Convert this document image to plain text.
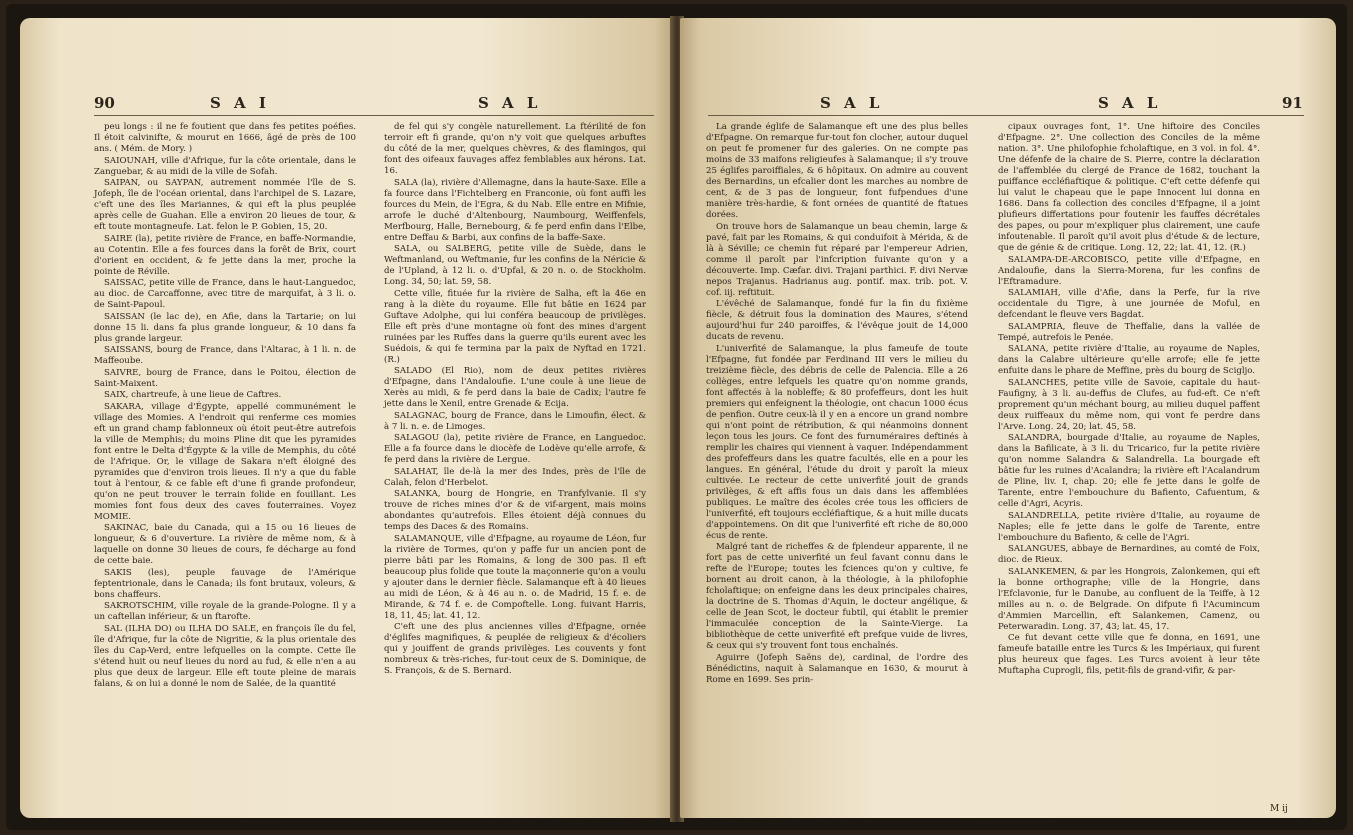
90	S A I	S A L

peu longs : il ne fe foutient que dans fes petites poéfies. Il étoit calvinifte, & mourut en 1666, âgé de près de 100 ans. ( Mém. de Mory. )

SAIOUNAH, ville d'Afrique, fur la côte orientale, dans le Zanguebar, & au midi de la ville de Sofah.

SAIPAN, ou SAYPAN, autrement nommée l'île de S. Jofeph, île de l'océan oriental, dans l'archipel de S. Lazare, c'eft une des îles Mariannes, & qui eft la plus peuplée après celle de Guahan. Elle a environ 20 lieues de tour, & eft toute montagneufe. Lat. felon le P. Gobien, 15, 20.

SAIRE (la), petite rivière de France, en baffe-Normandie, au Cotentin. Elle a fes fources dans la forêt de Brix, court d'orient en occident, & fe jette dans la mer, proche la pointe de Réville.

SAISSAC, petite ville de France, dans le haut-Languedoc, au dioc. de Carcaffonne, avec titre de marquifat, à 3 li. o. de Saint-Papoul.

SAISSAN (le lac de), en Afie, dans la Tartarie; on lui donne 15 li. dans fa plus grande longueur, & 10 dans fa plus grande largeur.

SAISSANS, bourg de France, dans l'Altarac, à 1 li. n. de Maffeoube.

SAIVRE, bourg de France, dans le Poitou, élection de Saint-Maixent.

SAIX, chartreufe, à une lieue de Caftres.

SAKARA, village d'Égypte, appellé communément le village des Momies. A l'endroit qui renferme ces momies eft un grand champ fablonneux où étoit peut-être autrefois la ville de Memphis; du moins Pline dit que les pyramides font entre le Delta d'Égypte & la ville de Memphis, du côté de l'Afrique. Or, le village de Sakara n'eft éloigné des pyramides que d'environ trois lieues. Il n'y a que du fable tout à l'entour, & ce fable eft d'une fi grande profondeur, qu'on ne peut trouver le terrain folide en fouillant. Les momies font fous deux des caves fouterraines. Voyez MOMIE.

SAKINAC, baie du Canada, qui a 15 ou 16 lieues de longueur, & 6 d'ouverture. La rivière de même nom, & à laquelle on donne 30 lieues de cours, fe décharge au fond de cette baie.

SAKIS (les), peuple fauvage de l'Amérique feptentrionale, dans le Canada; ils font brutaux, voleurs, & bons chaffeurs.

SAKROTSCHIM, ville royale de la grande-Pologne. Il y a un caftellan inférieur, & un ftarofte.

SAL (ILHA DO) ou ILHA DO SALE, en françois île du fel, île d'Afrique, fur la côte de Nigritie, & la plus orientale des îles du Cap-Verd, entre lefquelles on la compte. Cette île s'étend huit ou neuf lieues du nord au fud, & elle n'en a au plus que deux de largeur. Elle eft toute pleine de marais falans, & on lui a donné le nom de Salée, de la quantité

de fel qui s'y congèle naturellement. La ftérilité de fon terroir eft fi grande, qu'on n'y voit que quelques arbuftes du côté de la mer, quelques chèvres, & des flamingos, qui font des oifeaux fauvages affez femblables aux hérons. Lat. 16.

SALA (la), rivière d'Allemagne, dans la haute-Saxe. Elle a fa fource dans l'Fichtelberg en Franconie, où font auffi les fources du Mein, de l'Egra, & du Nab. Elle entre en Mifnie, arrofe le duché d'Altenbourg, Naumbourg, Weiffenfels, Merfbourg, Halle, Bernebourg, & fe perd enfin dans l'Elbe, entre Deffau & Barbi, aux confins de la baffe-Saxe.

SALA, ou SALBERG, petite ville de Suède, dans le Weftmanland, ou Weftmanie, fur les confins de la Néricie & de l'Upland, à 12 li. o. d'Upfal, & 20 n. o. de Stockholm. Long. 34, 50; lat. 59, 58.

Cette ville, fituée fur la rivière de Salha, eft la 46e en rang à la diète du royaume. Elle fut bâtie en 1624 par Guftave Adolphe, qui lui conféra beaucoup de privilèges. Elle eft près d'une montagne où font des mines d'argent ruinées par les Ruffes dans la guerre qu'ils eurent avec les Suédois, & qui fe termina par la paix de Nyftad en 1721. (R.)

SALADO (El Rio), nom de deux petites rivières d'Efpagne, dans l'Andaloufie. L'une coule à une lieue de Xerès au midi, & fe perd dans la baie de Cadix; l'autre fe jette dans le Xenil, entre Grenade & Ecija.

SALAGNAC, bourg de France, dans le Limoufin, élect. & à 7 li. n. e. de Limoges.

SALAGOU (la), petite rivière de France, en Languedoc. Elle a fa fource dans le diocèfe de Lodève qu'elle arrofe, & fe perd dans la rivière de Lergue.

SALAHAT, île de-là la mer des Indes, près de l'île de Calah, felon d'Herbelot.

SALANKA, bourg de Hongrie, en Tranfylvanie. Il s'y trouve de riches mines d'or & de vif-argent, mais moins abondantes qu'autrefois. Elles étoient déjà connues du temps des Daces & des Romains.

SALAMANQUE, ville d'Efpagne, au royaume de Léon, fur la rivière de Tormes, qu'on y paffe fur un ancien pont de pierre bâti par les Romains, & long de 300 pas. Il eft beaucoup plus folide que toute la maçonnerie qu'on a voulu y ajouter dans le dernier fiècle. Salamanque eft à 40 lieues au midi de Léon, & à 46 au n. o. de Madrid, 15 f. e. de Mirande, & 74 f. e. de Compoftelle. Long. fuivant Harris, 18, 11, 45; lat. 41, 12.

C'eft une des plus anciennes villes d'Efpagne, ornée d'églifes magnifiques, & peuplée de religieux & d'écoliers qui y jouiffent de grands privilèges. Les couvents y font nombreux & très-riches, fur-tout ceux de S. Dominique, de S. François, & de S. Bernard.

S A L	S A L	91

La grande églife de Salamanque eft une des plus belles d'Efpagne. On remarque fur-tout fon clocher, autour duquel on peut fe promener fur des galeries. On ne compte pas moins de 33 maifons religieufes à Salamanque; il s'y trouve 25 églifes paroiffiales, & 6 hôpitaux. On admire au couvent des Bernardins, un efcalier dont les marches au nombre de cent, & de 3 pas de longueur, font fufpendues d'une manière très-hardie, & font ornées de quantité de ftatues dorées.

On trouve hors de Salamanque un beau chemin, large & pavé, fait par les Romains, & qui conduifoit à Mérida, & de là à Séville; ce chemin fut réparé par l'empereur Adrien, comme il paroît par l'infcription fuivante qu'on y a découverte. Imp. Cæfar. divi. Trajani parthici. F. divi Nervæ nepos Trajanus. Hadrianus aug. pontif. max. trib. pot. V. cof. iij. reftituit.

L'évêché de Salamanque, fondé fur la fin du fixième fiècle, & détruit fous la domination des Maures, s'étend aujourd'hui fur 240 paroiffes, & l'évêque jouit de 14,000 ducats de revenu.

L'univerfité de Salamanque, la plus fameufe de toute l'Efpagne, fut fondée par Ferdinand III vers le milieu du treizième fiècle, des débris de celle de Palencia. Elle a 26 collèges, entre lefquels les quatre qu'on nomme grands, font affectés à la nobleffe; & 80 profeffeurs, dont les huit premiers qui enfeignent la théologie, ont chacun 1000 écus de penfion. Outre ceux-là il y en a encore un grand nombre qui n'ont point de rétribution, & qui néanmoins donnent leçon tous les jours. Ce font des furnuméraires deftinés à remplir les chaires qui viennent à vaquer. Indépendamment des profeffeurs dans les quatre facultés, elle en a pour les langues. En général, l'étude du droit y paroît la mieux cultivée. Le recteur de cette univerfité jouit de grands privilèges, & eft affis fous un dais dans les affemblées publiques. Le maître des écoles crée tous les officiers de l'univerfité, eft toujours eccléfiaftique, & a huit mille ducats d'appointemens. On dit que l'univerfité eft riche de 80,000 écus de rente.

Malgré tant de richeffes & de fplendeur apparente, il ne fort pas de cette univerfité un feul favant connu dans le refte de l'Europe; toutes les fciences qu'on y cultive, fe bornent au droit canon, à la théologie, à la philofophie fcholaftique; on enfeigne dans les deux principales chaires, la doctrine de S. Thomas d'Aquin, le docteur angélique, & celle de Jean Scot, le docteur fubtil, qui établit le premier l'immaculée conception de la Sainte-Vierge. La bibliothèque de cette univerfité eft prefque vuide de livres, & ceux qui s'y trouvent font tous enchaînés.

Aguirre (Jofeph Saëns de), cardinal, de l'ordre des Bénédictins, naquit à Salamanque en 1630, & mourut à Rome en 1699. Ses prin-

cipaux ouvrages font, 1°. Une hiftoire des Conciles d'Efpagne. 2°. Une collection des Conciles de la même nation. 3°. Une philofophie fcholaftique, en 3 vol. in fol. 4°. Une défenfe de la chaire de S. Pierre, contre la déclaration de l'affemblée du clergé de France de 1682, touchant la puiffance eccléfiaftique & politique. C'eft cette défenfe qui lui valut le chapeau que le pape Innocent lui donna en 1686. Dans fa collection des conciles d'Efpagne, il a joint plufieurs differtations pour foutenir les fauffes décrétales des papes, ou pour m'expliquer plus clairement, une caufe infoutenable. Il paroît qu'il avoit plus d'étude & de lecture, que de génie & de critique. Long. 12, 22; lat. 41, 12. (R.)

SALAMPA-DE-ARCOBISCO, petite ville d'Efpagne, en Andaloufie, dans la Sierra-Morena, fur les confins de l'Eftramadure.

SALAMIAH, ville d'Afie, dans la Perfe, fur la rive occidentale du Tigre, à une journée de Moful, en defcendant le fleuve vers Bagdat.

SALAMPRIA, fleuve de Theffalie, dans la vallée de Tempé, autrefois le Penée.

SALANA, petite rivière d'Italie, au royaume de Naples, dans la Calabre ultérieure qu'elle arrofe; elle fe jette enfuite dans le phare de Meffine, près du bourg de Scigljo.

SALANCHES, petite ville de Savoie, capitale du haut-Faufigny, à 3 li. au-deffus de Clufes, au fud-eft. Ce n'eft proprement qu'un méchant bourg, au milieu duquel paffent deux ruiffeaux du même nom, qui vont fe perdre dans l'Arve. Long. 24, 20; lat. 45, 58.

SALANDRA, bourgade d'Italie, au royaume de Naples, dans la Bafilicate, à 3 li. du Tricarico, fur la petite rivière qu'on nomme Salandra & Salandrella. La bourgade eft bâtie fur les ruines d'Acalandra; la rivière eft l'Acalandrum de Pline, liv. I, chap. 20; elle fe jette dans le golfe de Tarente, entre l'embouchure du Bafiento, Cafuentum, & celle d'Agri, Acyris.

SALANDRELLA, petite rivière d'Italie, au royaume de Naples; elle fe jette dans le golfe de Tarente, entre l'embouchure du Bafiento, & celle de l'Agri.

SALANGUES, abbaye de Bernardines, au comté de Foix, dioc. de Rieux.

SALANKEMEN, & par les Hongrois, Zalonkemen, qui eft la bonne orthographe; ville de la Hongrie, dans l'Efclavonie, fur le Danube, au confluent de la Teiffe, à 12 milles au n. o. de Belgrade. On difpute fi l'Acumincum d'Ammien Marcellin, eft Salankemen, Camenz, ou Peterwaradin. Long. 37, 43; lat. 45, 17.

Ce fut devant cette ville que fe donna, en 1691, une fameufe bataille entre les Turcs & les Impériaux, qui furent plus heureux que fages. Les Turcs avoient à leur tête Muftapha Cuprogli, fils, petit-fils de grand-vifir, & par-

M ij
